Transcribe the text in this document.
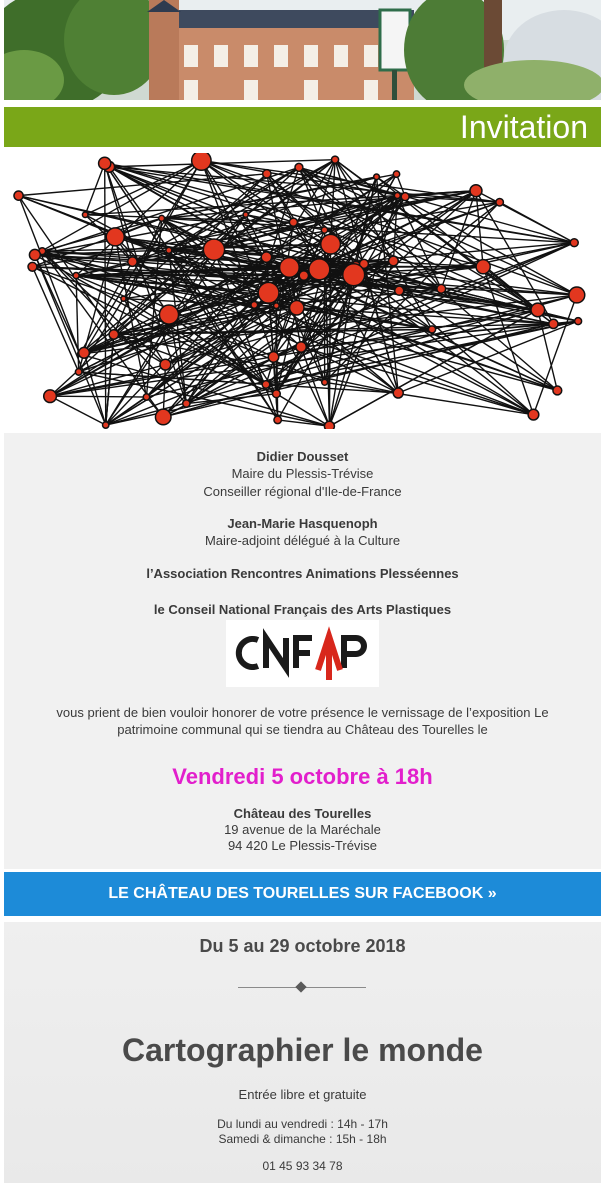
Invitation
Didier Dousset
Maire du Plessis-Trévise
Conseiller régional d'Ile-de-France
Jean-Marie Hasquenoph
Maire-adjoint délégué à la Culture
l’Association Rencontres Animations Plesséennes
le Conseil National Français des Arts Plastiques
vous prient de bien vouloir honorer de votre présence le vernissage de l’exposition Le
patrimoine communal qui se tiendra au Château des Tourelles le
Vendredi 5 octobre à 18h
Château des Tourelles
19 avenue de la Maréchale
94 420 Le Plessis-Trévise
LE CHÂTEAU DES TOURELLES SUR FACEBOOK »
Du 5 au 29 octobre 2018
Cartographier le monde
Entrée libre et gratuite
Du lundi au vendredi : 14h - 17h
Samedi & dimanche : 15h - 18h
01 45 93 34 78
